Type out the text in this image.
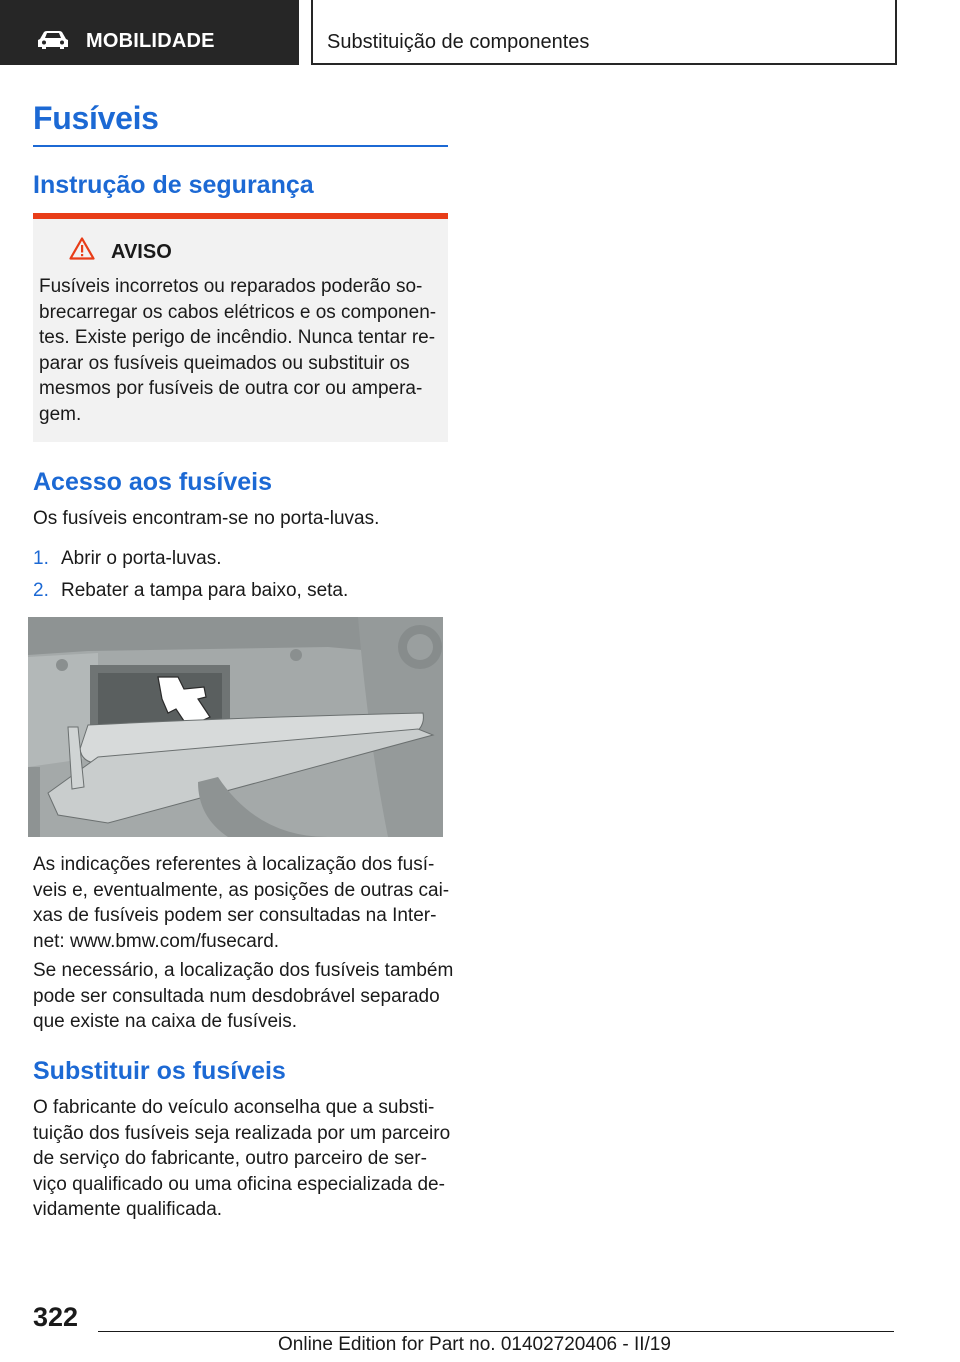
MOBILIDADE	Substituição de componentes
Fusíveis
Instrução de segurança
AVISO
Fusíveis incorretos ou reparados poderão so‐
brecarregar os cabos elétricos e os componen‐
tes. Existe perigo de incêndio. Nunca tentar re‐
parar os fusíveis queimados ou substituir os
mesmos por fusíveis de outra cor ou ampera‐
gem.
Acesso aos fusíveis

Os fusíveis encontram-se no porta-luvas.

1. Abrir o porta-luvas.
2. Rebater a tampa para baixo, seta.
As indicações referentes à localização dos fusí‐
veis e, eventualmente, as posições de outras cai‐
xas de fusíveis podem ser consultadas na Inter‐
net: www.bmw.com/fusecard.
Se necessário, a localização dos fusíveis também
pode ser consultada num desdobrável separado
que existe na caixa de fusíveis.
Substituir os fusíveis
O fabricante do veículo aconselha que a substi‐
tuição dos fusíveis seja realizada por um parceiro
de serviço do fabricante, outro parceiro de ser‐
viço qualificado ou uma oficina especializada de‐
vidamente qualificada.
322
Online Edition for Part no. 01402720406 - II/19
